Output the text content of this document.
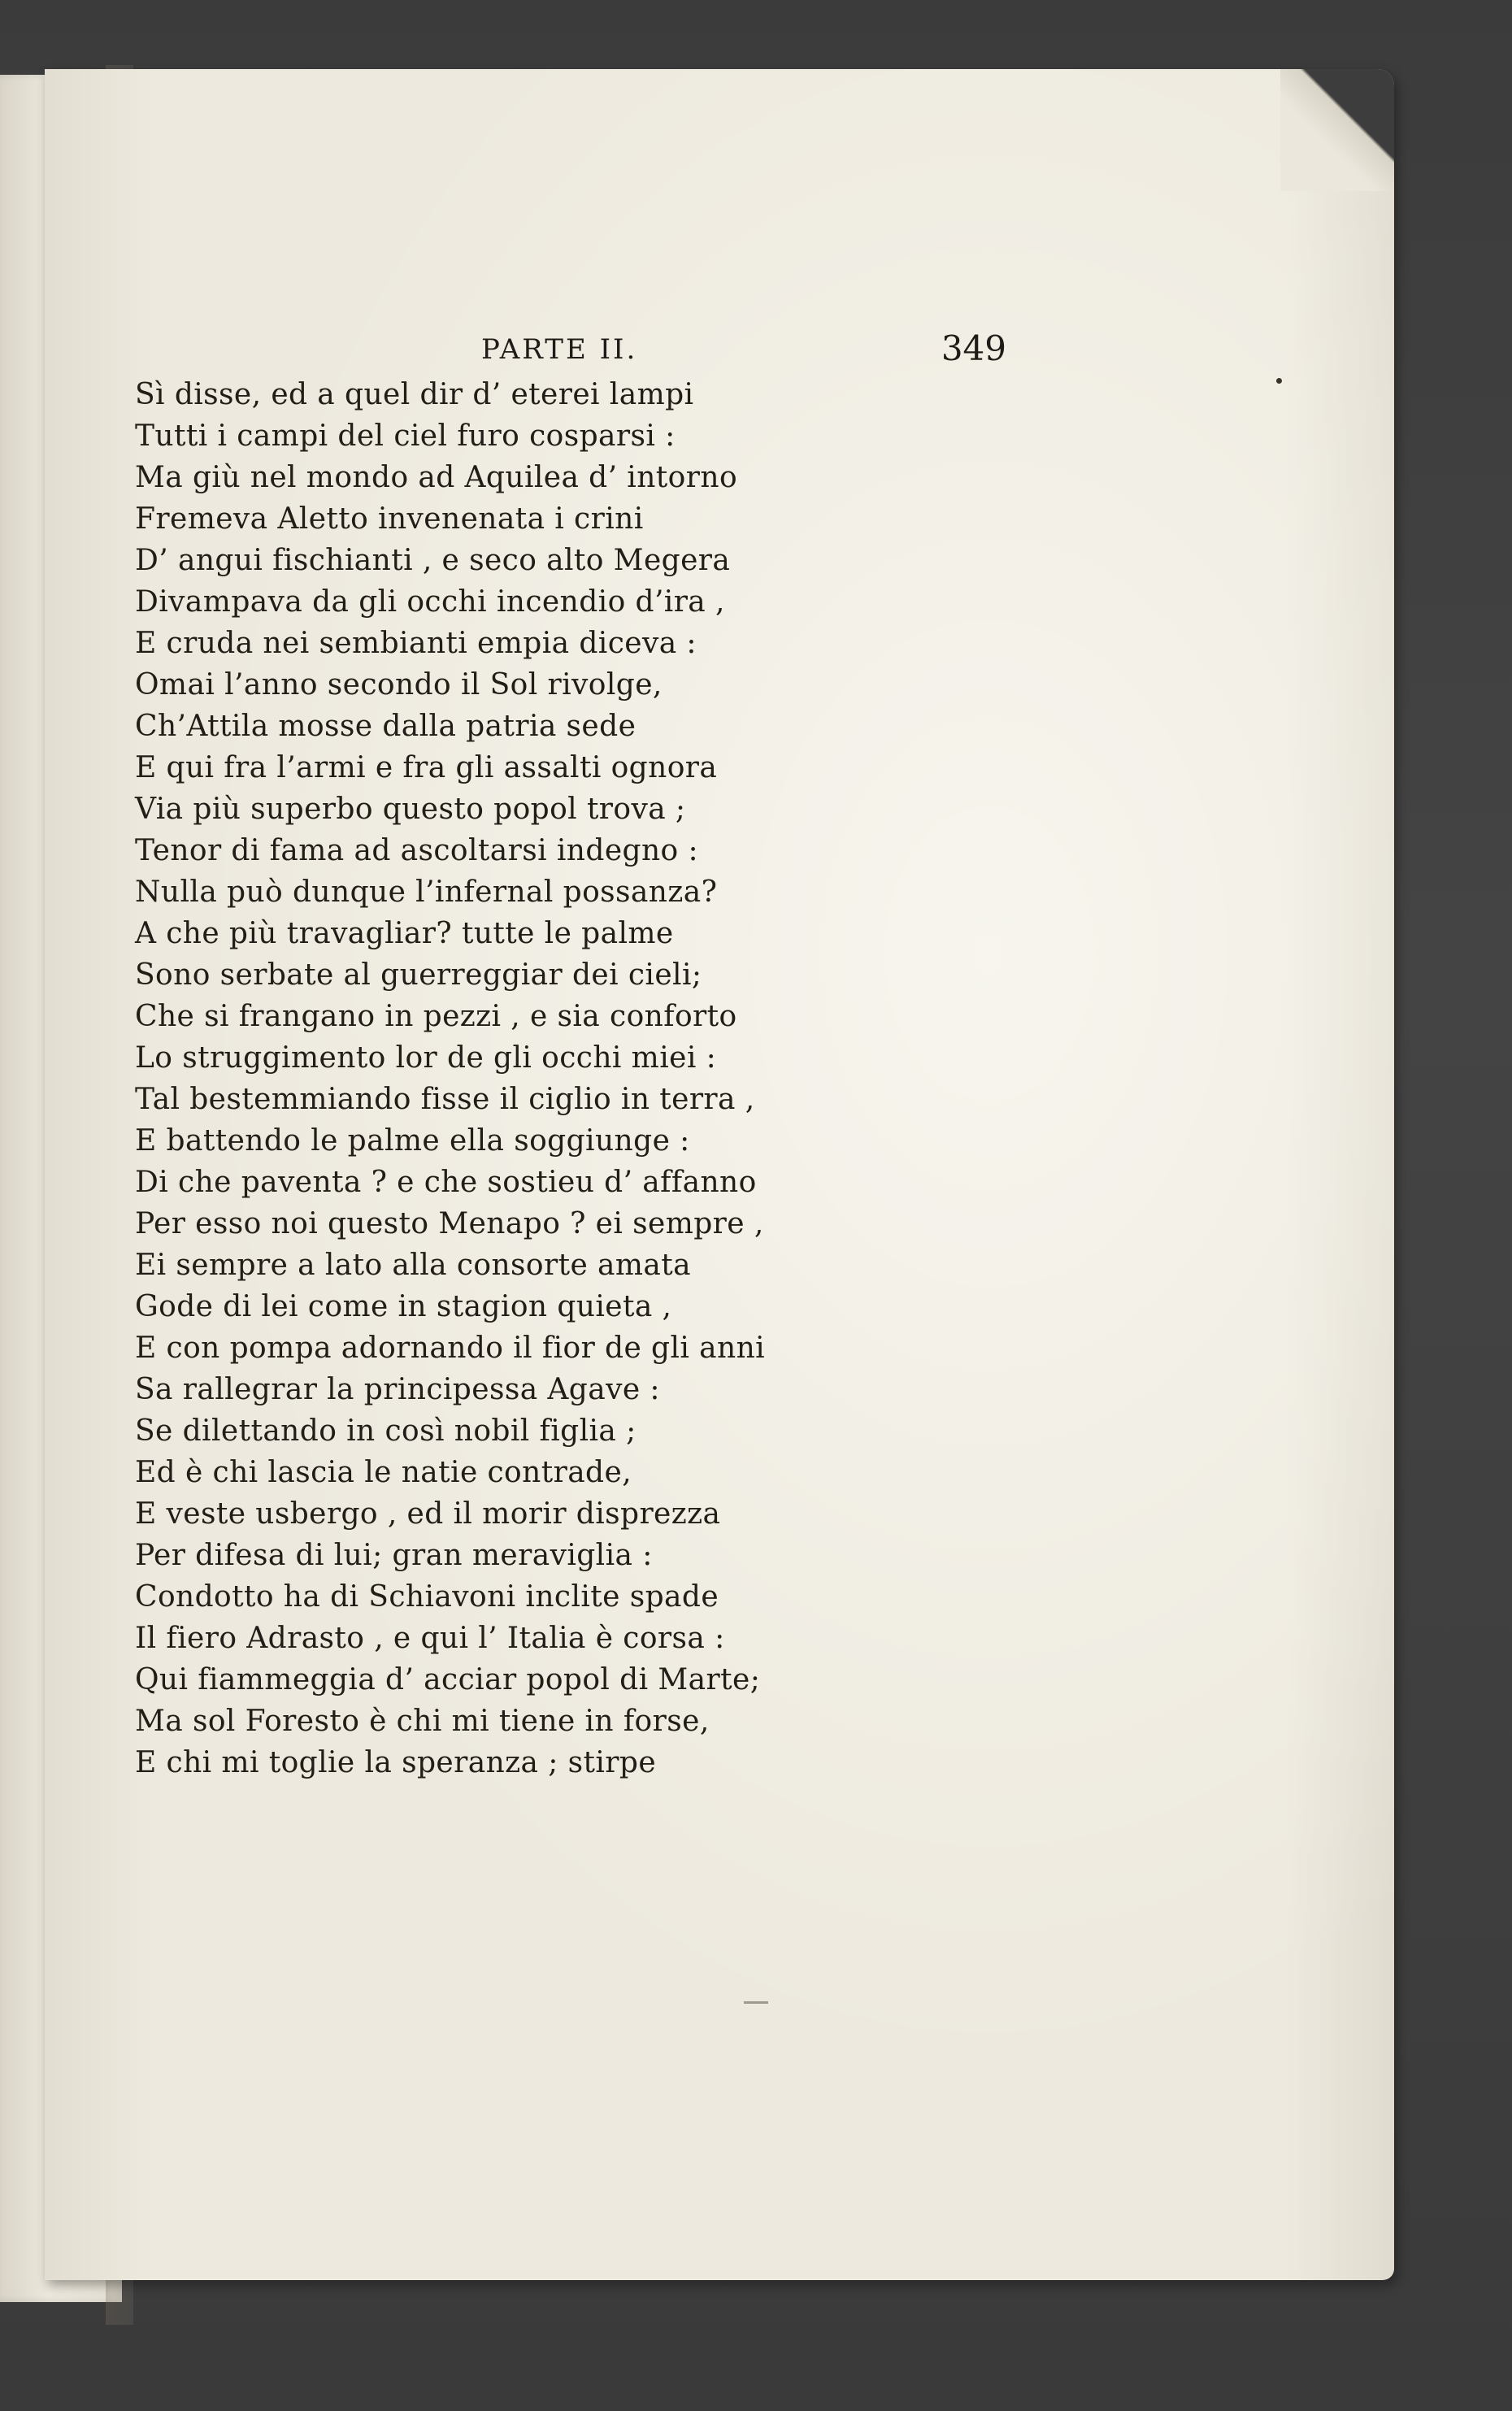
PARTE II.	349
Sì disse, ed a quel dir d’ eterei lampi
Tutti i campi del ciel furo cosparsi :
Ma giù nel mondo ad Aquilea d’ intorno
Fremeva Aletto invenenata i crini
D’ angui fischianti , e seco alto Megera
Divampava da gli occhi incendio d’ira ,
E cruda nei sembianti empia diceva :
Omai l’anno secondo il Sol rivolge,
Ch’Attila mosse dalla patria sede
E qui fra l’armi e fra gli assalti ognora
Via più superbo questo popol trova ;
Tenor di fama ad ascoltarsi indegno :
Nulla può dunque l’infernal possanza?
A che più travagliar? tutte le palme
Sono serbate al guerreggiar dei cieli;
Che si frangano in pezzi , e sia conforto
Lo struggimento lor de gli occhi miei :
Tal bestemmiando fisse il ciglio in terra ,
E battendo le palme ella soggiunge :
Di che paventa ? e che sostieu d’ affanno
Per esso noi questo Menapo ? ei sempre ,
Ei sempre a lato alla consorte amata
Gode di lei come in stagion quieta ,
E con pompa adornando il fior de gli anni
Sa rallegrar la principessa Agave :
Se dilettando in così nobil figlia ;
Ed è chi lascia le natie contrade,
E veste usbergo , ed il morir disprezza
Per difesa di lui; gran meraviglia :
Condotto ha di Schiavoni inclite spade
Il fiero Adrasto , e qui l’ Italia è corsa :
Qui fiammeggia d’ acciar popol di Marte;
Ma sol Foresto è chi mi tiene in forse,
E chi mi toglie la speranza ; stirpe
